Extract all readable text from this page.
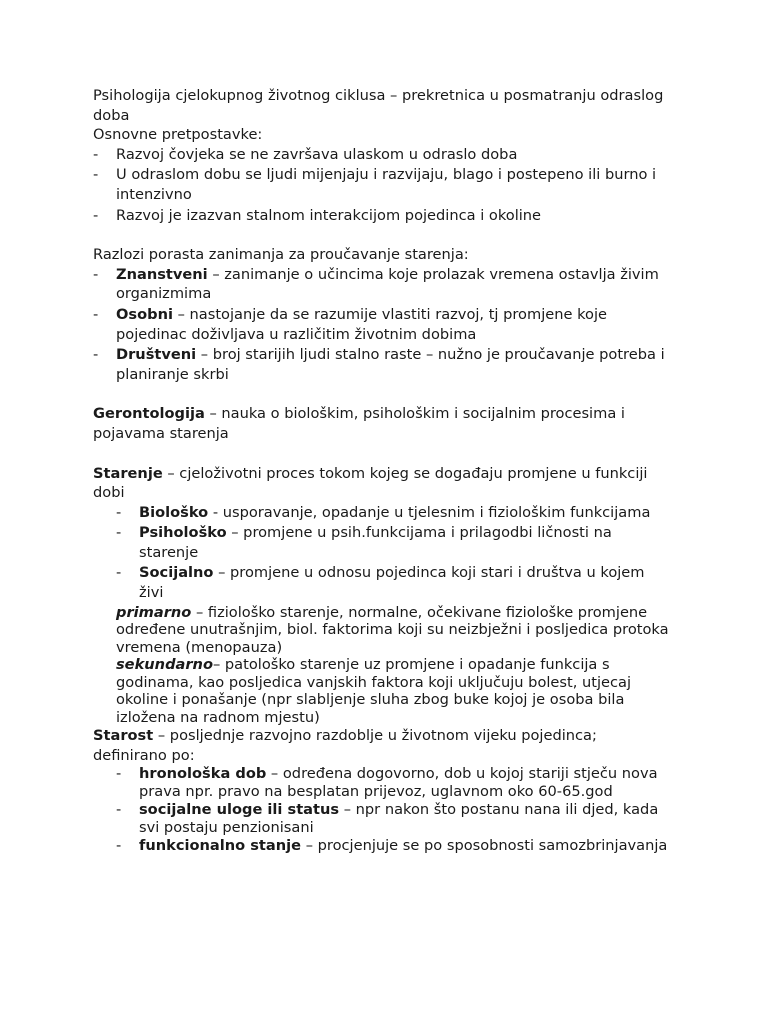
Psihologija cjelokupnog životnog ciklusa – prekretnica u posmatranju odraslog doba
Osnovne pretpostavke:
- Razvoj čovjeka se ne završava ulaskom u odraslo doba
- U odraslom dobu se ljudi mijenjaju i razvijaju, blago i postepeno ili burno i intenzivno
- Razvoj je izazvan stalnom interakcijom pojedinca i okoline
Razlozi porasta zanimanja za proučavanje starenja:
- Znanstveni – zanimanje o učincima koje prolazak vremena ostavlja živim organizmima
- Osobni – nastojanje da se razumije vlastiti razvoj, tj promjene koje pojedinac doživljava u različitim životnim dobima
- Društveni – broj starijih ljudi stalno raste – nužno je proučavanje potreba i planiranje skrbi
Gerontologija – nauka o biološkim, psihološkim i socijalnim procesima i pojavama starenja
Starenje – cjeloživotni proces tokom kojeg se događaju promjene u funkciji dobi
- Biološko - usporavanje, opadanje u tjelesnim i fiziološkim funkcijama
- Psihološko – promjene u psih.funkcijama i prilagodbi ličnosti na starenje
- Socijalno – promjene u odnosu pojedinca koji stari i društva u kojem živi
primarno – fiziološko starenje, normalne, očekivane fiziološke promjene određene unutrašnjim, biol. faktorima koji su neizbježni i posljedica protoka vremena (menopauza)
sekundarno– patološko starenje uz promjene i opadanje funkcija s godinama, kao posljedica vanjskih faktora koji uključuju bolest, utjecaj okoline i ponašanje (npr slabljenje sluha zbog buke kojoj je osoba bila izložena na radnom mjestu)
Starost – posljednje razvojno razdoblje u životnom vijeku pojedinca; definirano po:
- hronološka dob – određena dogovorno, dob u kojoj stariji stječu nova prava npr. pravo na besplatan prijevoz, uglavnom oko 60-65.god
- socijalne uloge ili status – npr nakon što postanu nana ili djed, kada svi postaju penzionisani
- funkcionalno stanje – procjenjuje se po sposobnosti samozbrinjavanja
